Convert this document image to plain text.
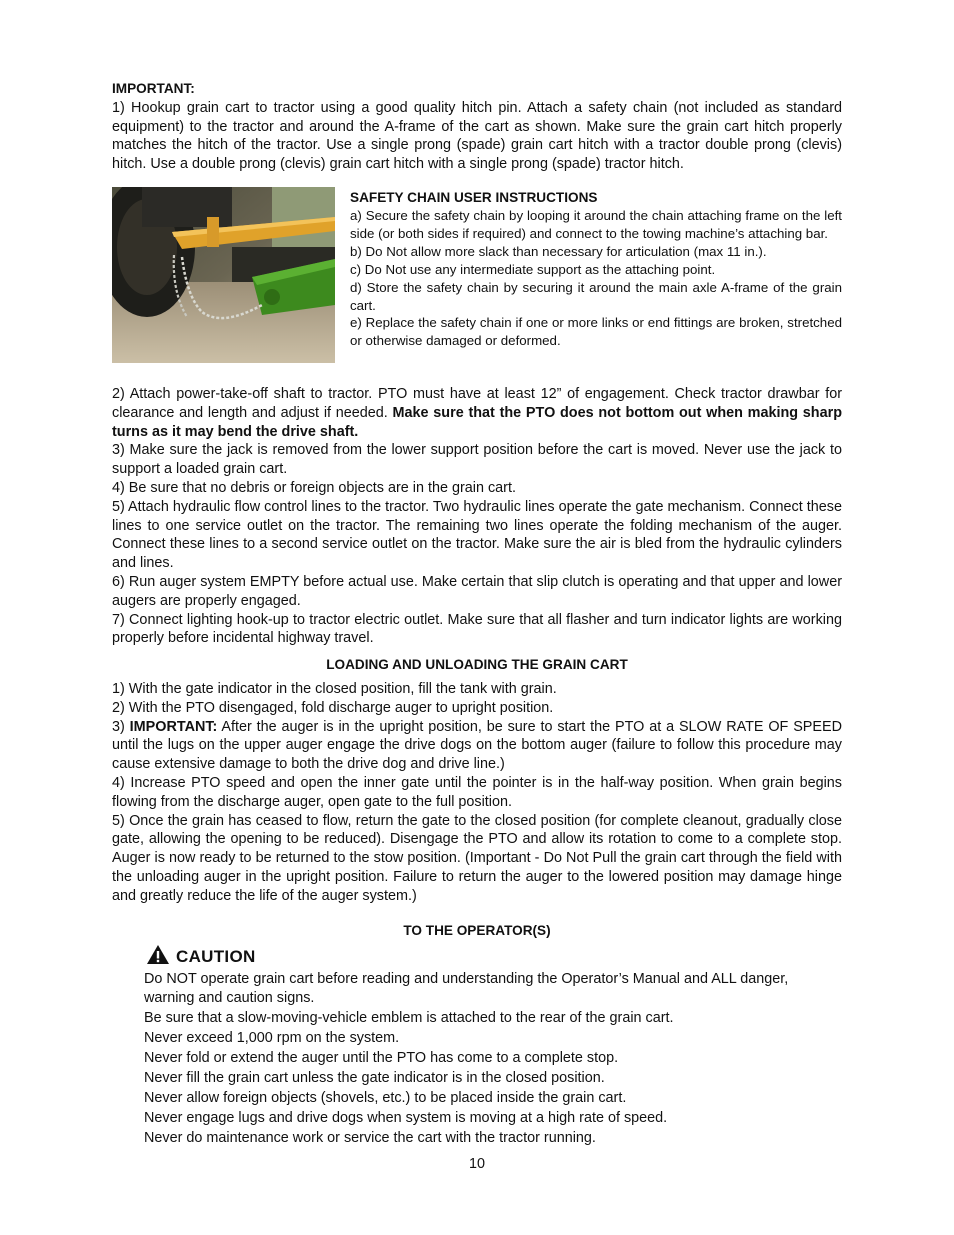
IMPORTANT:

1) Hookup grain cart to tractor using a good quality hitch pin. Attach a safety chain (not included as standard equipment) to the tractor and around the A-frame of the cart as shown. Make sure the grain cart hitch properly matches the hitch of the tractor. Use a single prong (spade) grain cart hitch with a tractor double prong (clevis) hitch. Use a double prong (clevis) grain cart hitch with a single prong (spade) tractor hitch.

SAFETY CHAIN USER INSTRUCTIONS

a) Secure the safety chain by looping it around the chain attaching frame on the left side (or both sides if required) and connect to the towing machine’s attaching bar.

b) Do Not allow more slack than necessary for articulation (max 11 in.).

c) Do Not use any intermediate support as the attaching point.

d) Store the safety chain by securing it around the main axle A-frame of the grain cart.

e) Replace the safety chain if one or more links or end fittings are broken, stretched or otherwise damaged or deformed.

2) Attach power-take-off shaft to tractor. PTO must have at least 12” of engagement. Check tractor drawbar for clearance and length and adjust if needed. Make sure that the PTO does not bottom out when making sharp turns as it may bend the drive shaft.

3) Make sure the jack is removed from the lower support position before the cart is moved. Never use the jack to support a loaded grain cart.

4) Be sure that no debris or foreign objects are in the grain cart.

5) Attach hydraulic flow control lines to the tractor. Two hydraulic lines operate the gate mechanism. Connect these lines to one service outlet on the tractor. The remaining two lines operate the folding mechanism of the auger. Connect these lines to a second service outlet on the tractor. Make sure the air is bled from the hydraulic cylinders and lines.

6) Run auger system EMPTY before actual use. Make certain that slip clutch is operating and that upper and lower augers are properly engaged.

7) Connect lighting hook-up to tractor electric outlet. Make sure that all flasher and turn indicator lights are working properly before incidental highway travel.

LOADING AND UNLOADING THE GRAIN CART

1) With the gate indicator in the closed position, fill the tank with grain.

2) With the PTO disengaged, fold discharge auger to upright position.

3) IMPORTANT: After the auger is in the upright position, be sure to start the PTO at a SLOW RATE OF SPEED until the lugs on the upper auger engage the drive dogs on the bottom auger (failure to follow this procedure may cause extensive damage to both the drive dog and drive line.)

4) Increase PTO speed and open the inner gate until the pointer is in the half-way position. When grain begins flowing from the discharge auger, open gate to the full position.

5) Once the grain has ceased to flow, return the gate to the closed position (for complete cleanout, gradually close gate, allowing the opening to be reduced). Disengage the PTO and allow its rotation to come to a complete stop. Auger is now ready to be returned to the stow position. (Important - Do Not Pull the grain cart through the field with the unloading auger in the upright position. Failure to return the auger to the lowered position may damage hinge and greatly reduce the life of the auger system.)

TO THE OPERATOR(S)

CAUTION

Do NOT operate grain cart before reading and understanding the Operator’s Manual and ALL danger, warning and caution signs.

Be sure that a slow-moving-vehicle emblem is attached to the rear of the grain cart.

Never exceed 1,000 rpm on the system.

Never fold or extend the auger until the PTO has come to a complete stop.

Never fill the grain cart unless the gate indicator is in the closed position.

Never allow foreign objects (shovels, etc.) to be placed inside the grain cart.

Never engage lugs and drive dogs when system is moving at a high rate of speed.

Never do maintenance work or service the cart with the tractor running.

10
